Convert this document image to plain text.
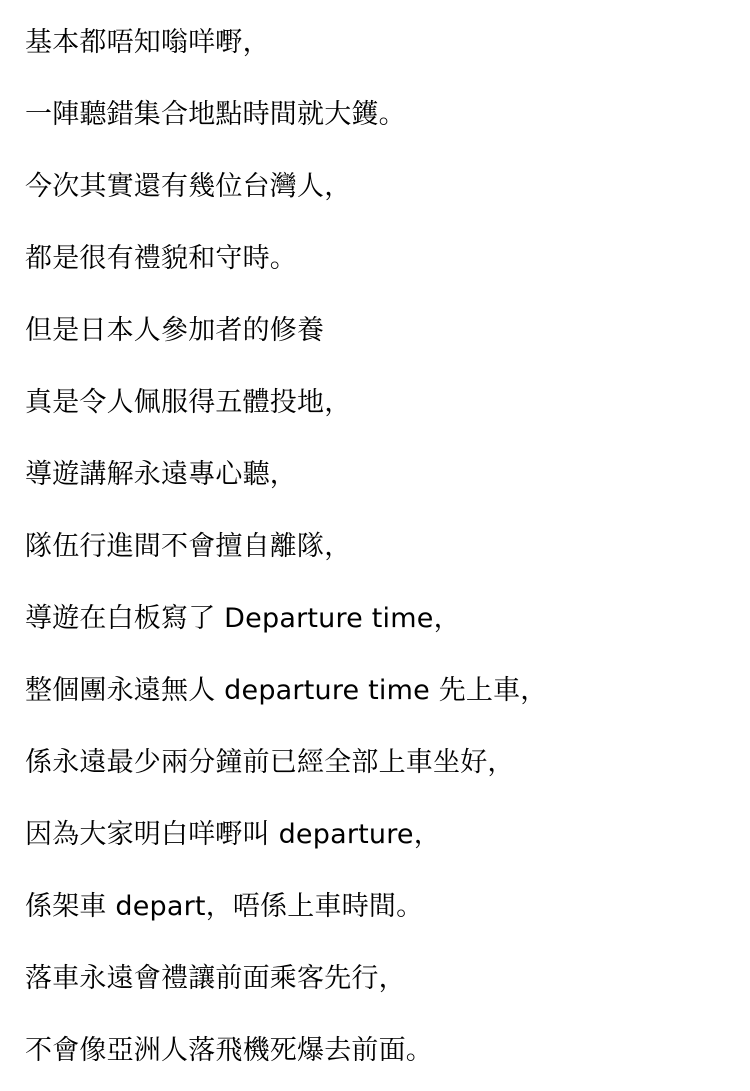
基本都唔知嗡咩嘢，
一陣聽錯集合地點時間就大鑊。
今次其實還有幾位台灣人，
都是很有禮貌和守時。
但是日本人參加者的修養
真是令人佩服得五體投地，
導遊講解永遠專心聽，
隊伍行進間不會擅自離隊，
導遊在白板寫了 Departure time，
整個團永遠無人 departure time 先上車，
係永遠最少兩分鐘前已經全部上車坐好，
因為大家明白咩嘢叫 departure，
係架車 depart，唔係上車時間。
落車永遠會禮讓前面乘客先行，
不會像亞洲人落飛機死爆去前面。
